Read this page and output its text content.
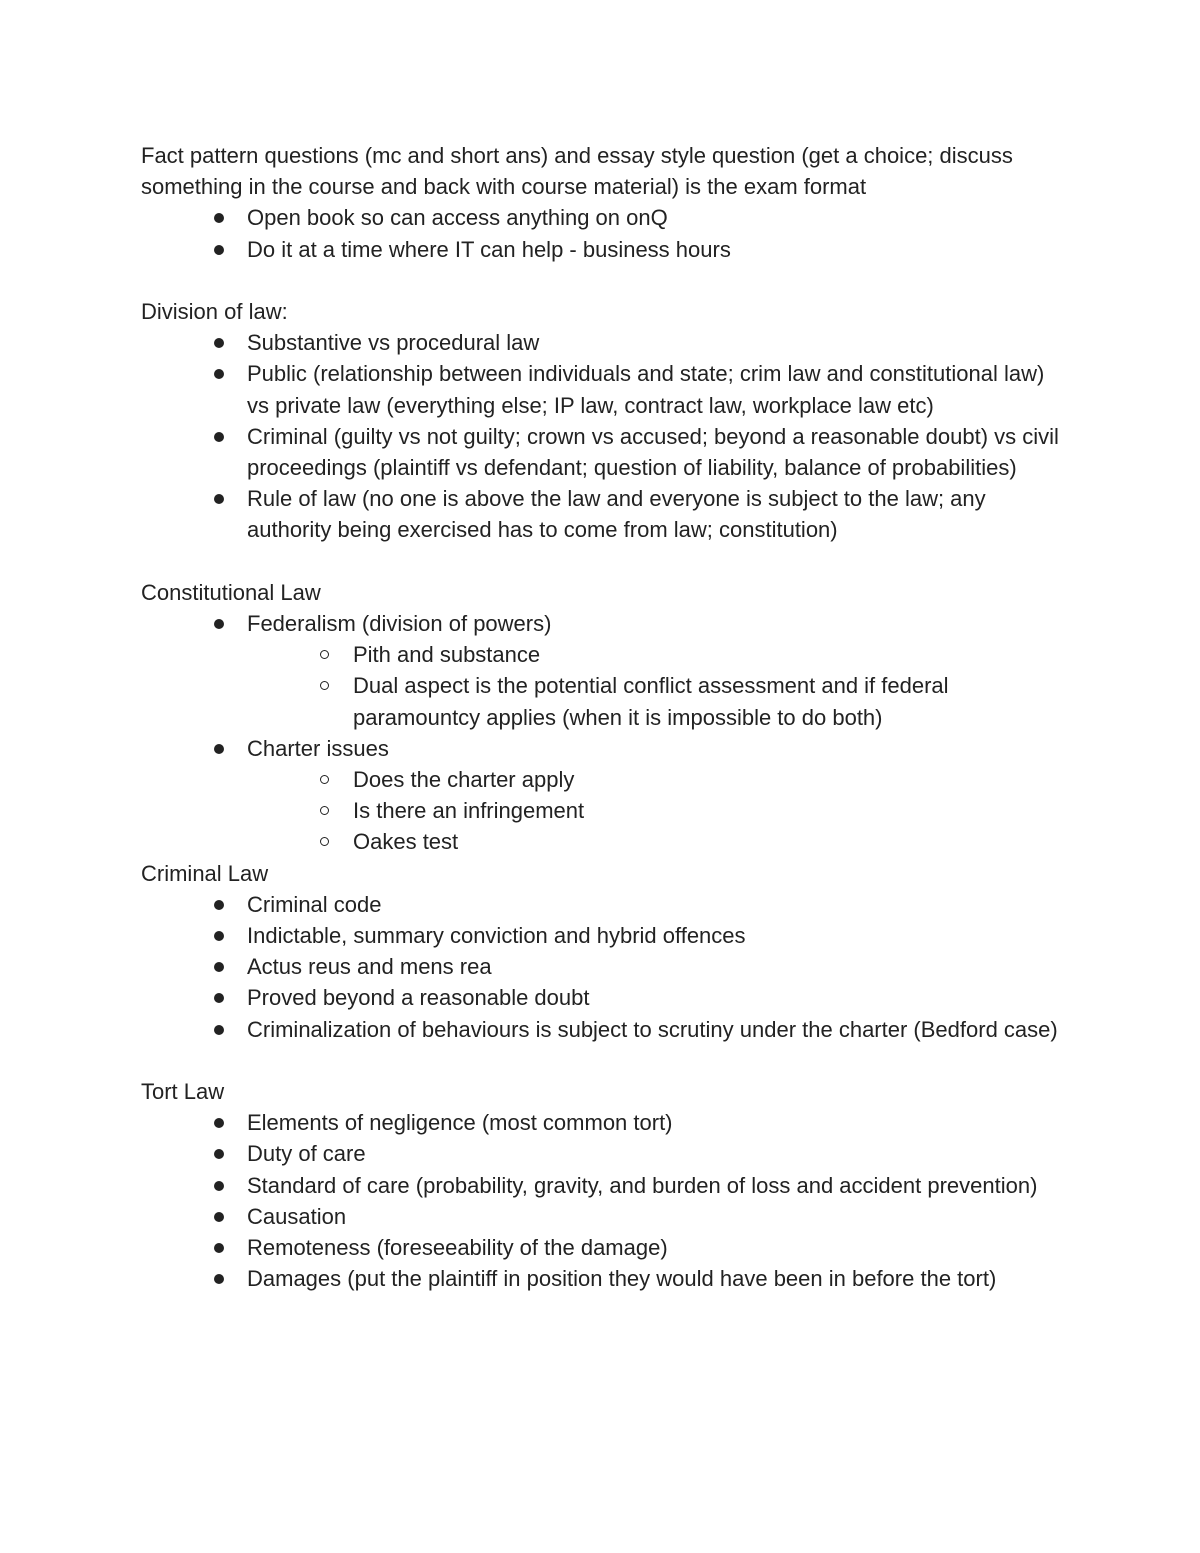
Fact pattern questions (mc and short ans) and essay style question (get a choice; discuss something in the course and back with course material) is the exam format

Open book so can access anything on onQ
Do it at a time where IT can help - business hours

Division of law:

Substantive vs procedural law
Public (relationship between individuals and state; crim law and constitutional law) vs private law (everything else; IP law, contract law, workplace law etc)
Criminal (guilty vs not guilty; crown vs accused; beyond a reasonable doubt) vs civil proceedings (plaintiff vs defendant; question of liability, balance of probabilities)
Rule of law (no one is above the law and everyone is subject to the law; any authority being exercised has to come from law; constitution)

Constitutional Law

Federalism (division of powers)
Pith and substance
Dual aspect is the potential conflict assessment and if federal paramountcy applies (when it is impossible to do both)
Charter issues
Does the charter apply
Is there an infringement
Oakes test

Criminal Law

Criminal code
Indictable, summary conviction and hybrid offences
Actus reus and mens rea
Proved beyond a reasonable doubt
Criminalization of behaviours is subject to scrutiny under the charter (Bedford case)

Tort Law

Elements of negligence (most common tort)
Duty of care
Standard of care (probability, gravity, and burden of loss and accident prevention)
Causation
Remoteness (foreseeability of the damage)
Damages (put the plaintiff in position they would have been in before the tort)
